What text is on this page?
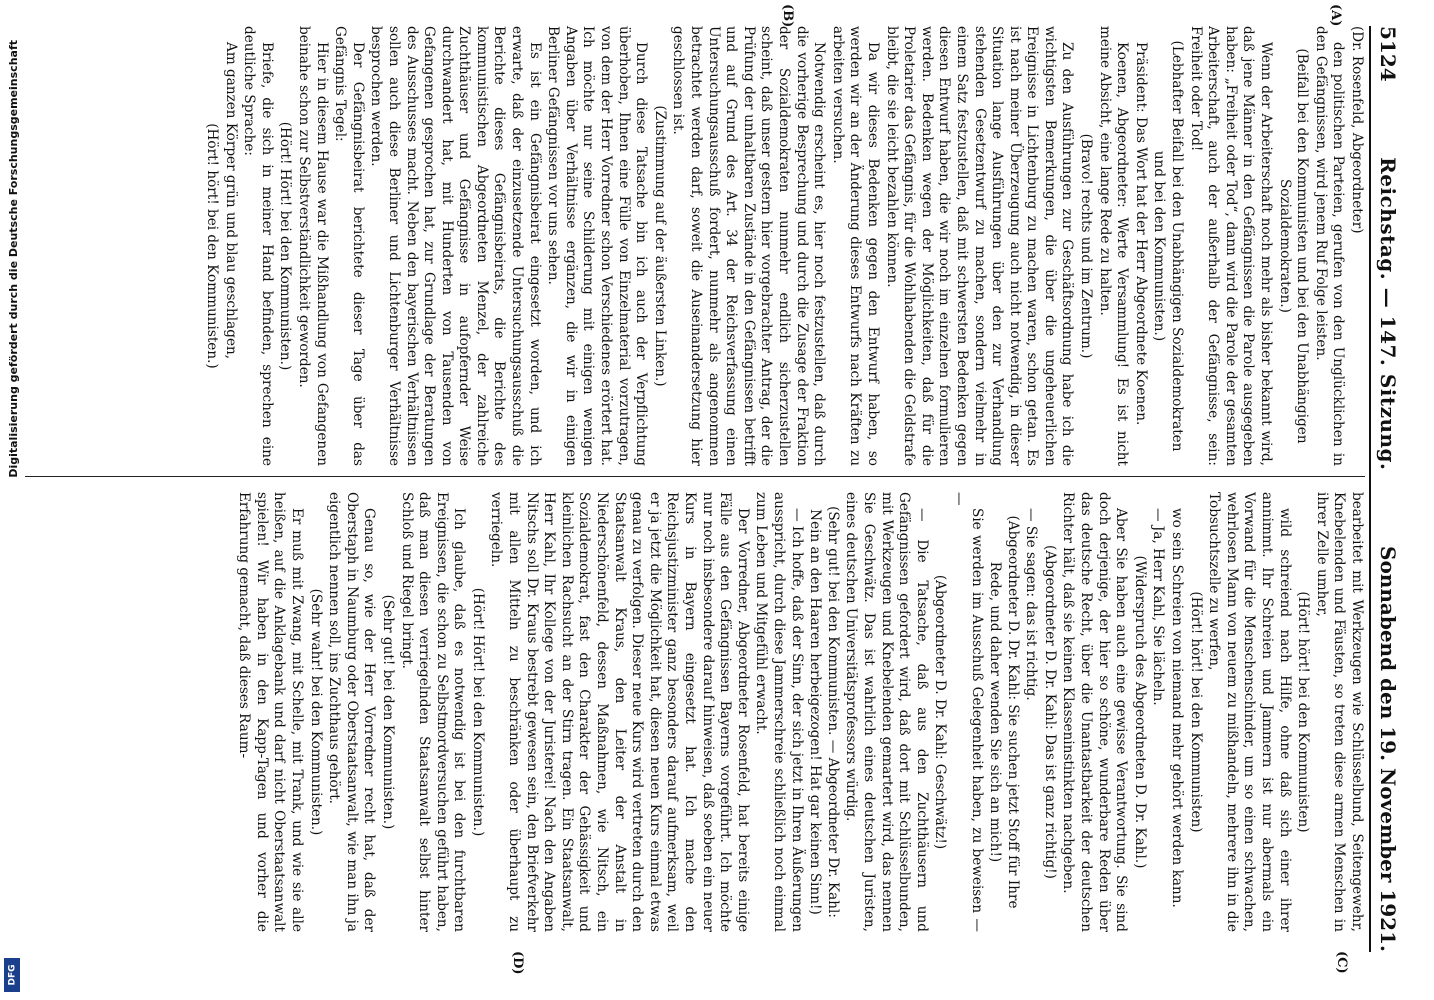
5124
Reichstag. — 147. Sitzung.
Sonnabend den 19. November 1921.
(A)
(B)
(C)
(D)

(Dr. Rosenfeld, Abgeordneter)

den politischen Parteien, gerufen von den Unglücklichen in den Gefängnissen, wird jenem Ruf Folge leisten.

(Beifall bei den Kommunisten und bei den Unabhängigen Sozialdemokraten.)

Wenn der Arbeiterschaft noch mehr als bisher bekannt wird, daß jene Männer in den Gefängnissen die Parole ausgegeben haben: „Freiheit oder Tod“, dann wird die Parole der gesamten Arbeiterschaft, auch der außerhalb der Gefängnisse, sein: Freiheit oder Tod!

(Lebhafter Beifall bei den Unabhängigen Sozialdemokraten und bei den Kommunisten.)

Präsident: Das Wort hat der Herr Abgeordnete Koenen.

Koenen, Abgeordneter: Werte Versammlung! Es ist nicht meine Absicht, eine lange Rede zu halten.

(Bravo! rechts und im Zentrum.)

Zu den Ausführungen zur Geschäftsordnung habe ich die wichtigsten Bemerkungen, die über die ungeheuerlichen Ereignisse in Lichtenburg zu machen waren, schon getan. Es ist nach meiner Überzeugung auch nicht notwendig, in dieser Situation lange Ausführungen über den zur Verhandlung stehenden Gesetzentwurf zu machen, sondern vielmehr in einem Satz festzustellen, daß mit schwersten Bedenken gegen diesen Entwurf haben, die wir noch im einzelnen formulieren werden. Bedenken wegen der Möglichkeiten, daß für die Proletarier das Gefängnis, für die Wohlhabenden die Geldstrafe bleibt, die sie leicht bezahlen können.

Da wir dieses Bedenken gegen den Entwurf haben, so werden wir an der Änderung dieses Entwurfs nach Kräften zu arbeiten versuchen.

Notwendig erscheint es, hier noch festzustellen, daß durch die vorherige Besprechung und durch die Zusage der Fraktion der Sozialdemokraten nunmehr endlich sicherzustellen scheint, daß unser gestern hier vorgebrachter Antrag, der die Prüfung der unhaltbaren Zustände in den Gefängnissen betrifft und auf Grund des Art. 34 der Reichsverfassung einen Untersuchungsausschuß fordert, nunmehr als angenommen betrachtet werden darf, soweit die Auseinandersetzung hier geschlossen ist.

(Zustimmung auf der äußersten Linken.)

Durch diese Tatsache bin ich auch der Verpflichtung überhoben, Ihnen eine Fülle von Einzelmaterial vorzutragen, von dem der Herr Vorredner schon Verschiedenes erörtert hat. Ich möchte nur seine Schilderung mit einigen wenigen Angaben über Verhältnisse ergänzen, die wir in einigen Berliner Gefängnissen vor uns sehen.

Es ist ein Gefängnisbeirat eingesetzt worden, und ich erwarte, daß der einzusetzende Untersuchungsausschuß die Berichte dieses Gefängnisbeirats, die Berichte des kommunistischen Abgeordneten Menzel, der zahlreiche Zuchthäuser und Gefängnisse in aufopfernder Weise durchwandert hat, mit Hunderten von Tausenden von Gefangenen gesprochen hat, zur Grundlage der Beratungen des Ausschusses macht. Neben den bayerischen Verhältnissen sollen auch diese Berliner und Lichtenburger Verhältnisse besprochen werden.

Der Gefängnisbeirat berichtete dieser Tage über das Gefängnis Tegel:

Hier in diesem Hause war die Mißhandlung von Gefangenen beinahe schon zur Selbstverständlichkeit geworden.

(Hört! Hört! bei den Kommunisten.)

Briefe, die sich in meiner Hand befinden, sprechen eine deutliche Sprache:

Am ganzen Körper grün und blau geschlagen,

(Hört! hört! bei den Kommunisten.)

bearbeitet mit Werkzeugen wie Schlüsselbund, Seitengewehr, Knebelenden und Fäusten, so treten diese armen Menschen in ihrer Zelle umher,

(Hört! hört! bei den Kommunisten)

wild schreiend nach Hilfe, ohne daß sich einer ihrer annimmt. Ihr Schreien und Jammern ist nur abermals ein Vorwand für die Menschenschinder, um so einen schwachen, wehrlosen Mann von neuem zu mißhandeln, mehrere ihn in die Tobsuchtszelle zu werfen,

(Hört! hört! bei den Kommunisten)

wo sein Schreien von niemand mehr gehört werden kann.

— Ja, Herr Kahl, Sie lächeln.

(Widerspruch des Abgeordneten D. Dr. Kahl.)

Aber Sie haben auch eine gewisse Verantwortung. Sie sind doch derjenige, der hier so schöne, wunderbare Reden über das deutsche Recht, über die Unantastbarkeit der deutschen Richter hält, daß sie keinen Klasseninstinkten nachgeben.

(Abgeordneter D. Dr. Kahl: Das ist ganz richtig!)

— Sie sagen: das ist richtig.

(Abgeordneter D. Dr. Kahl: Sie suchen jetzt Stoff für Ihre Rede, und daher wenden Sie sich an mich!)

Sie werden im Ausschuß Gelegenheit haben, zu beweisen — —

(Abgeordneter D. Dr. Kahl: Geschwätz!)

— Die Tatsache, daß aus den Zuchthäusern und Gefängnissen gefordert wird, daß dort mit Schlüsselbunden, mit Werkzeugen und Knebelenden gemartert wird, das nennen Sie Geschwätz. Das ist wahrlich eines deutschen Juristen, eines deutschen Universitätsprofessors würdig.

(Sehr gut! bei den Kommunisten. — Abgeordneter Dr. Kahl: Nein an den Haaren herbeigezogen! Hat gar keinen Sinn!)

— Ich hoffe, daß der Sinn, der sich jetzt in Ihren Äußerungen ausspricht, durch diese Jammerschreie schließlich noch einmal zum Leben und Mitgefühl erwacht.

Der Vorredner, Abgeordneter Rosenfeld, hat bereits einige Fälle aus den Gefängnissen Bayerns vorgeführt. Ich möchte nur noch insbesondere darauf hinweisen, daß soeben ein neuer Kurs in Bayern eingesetzt hat. Ich mache den Reichsjustizminister ganz besonders darauf aufmerksam, weil er ja jetzt die Möglichkeit hat, diesen neuen Kurs einmal etwas genau zu verfolgen. Dieser neue Kurs wird vertreten durch den Staatsanwalt Kraus, den Leiter der Anstalt in Niederschönenfeld, dessen Maßnahmen, wie Nitsch, ein Sozialdemokrat, fast den Charakter der Gehässigkeit und kleinlichen Rachsucht an der Stirn tragen. Ein Staatsanwalt, Herr Kahl, Ihr Kollege von der Juristerei! Nach den Angaben Nitschs soll Dr. Kraus bestrebt gewesen sein, den Briefverkehr mit allen Mitteln zu beschränken oder überhaupt zu verriegeln.

(Hört! Hört! bei den Kommunisten.)

Ich glaube, daß es notwendig ist bei den furchtbaren Ereignissen, die schon zu Selbstmordversuchen geführt haben, daß man diesen verriegelnden Staatsanwalt selbst hinter Schloß und Riegel bringt.

(Sehr gut! bei den Kommunisten.)

Genau so, wie der Herr Vorredner recht hat, daß der Oberstaph in Naumburg oder Oberstaatsanwalt, wie man ihn ja eigentlich nennen soll, ins Zuchthaus gehört.

(Sehr wahr! bei den Kommunisten.)

Er muß mit Zwang, mit Schelle, mit Trank, und wie sie alle heißen, auf die Anklagebank und darf nicht Oberstaatsanwalt spielen! Wir haben in den Kapp-Tagen und vorher die Erfahrung gemacht, daß dieses Raum-

Digitalisierung gefördert durch die Deutsche Forschungsgemeinschaft
DFG
